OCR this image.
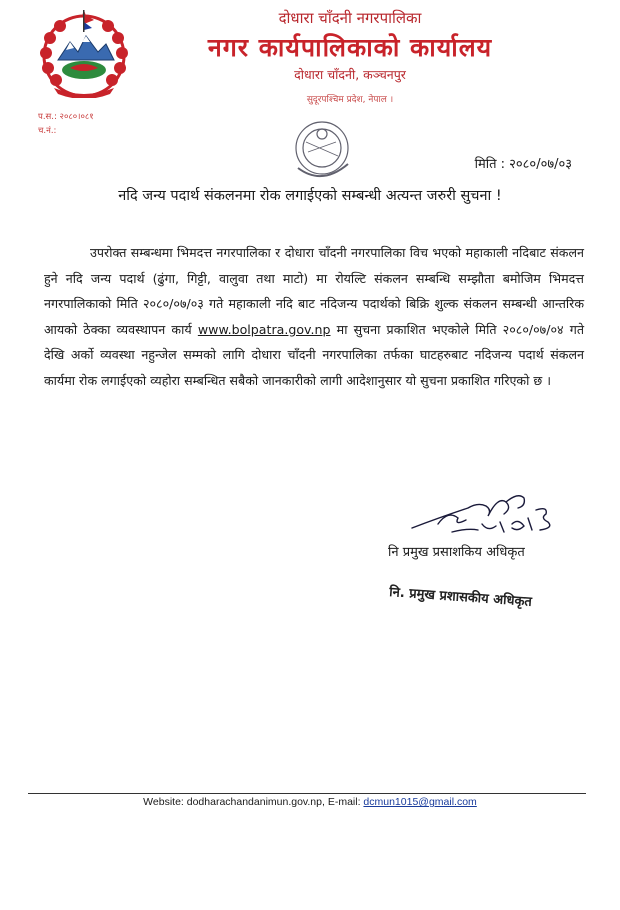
दोधारा चाँदनी नगरपालिका
नगर कार्यपालिकाको कार्यालय
दोधारा चाँदनी, कञ्चनपुर
सुदूरपश्चिम प्रदेश, नेपाल ।
प.स.: २०८०।०८१
च.नं.:
मिति : २०८०/०७/०३
नदि जन्य पदार्थ संकलनमा रोक लगाईएको सम्बन्धी अत्यन्त जरुरी सुचना !
उपरोक्त सम्बन्धमा भिमदत्त नगरपालिका र दोधारा चाँदनी नगरपालिका विच भएको महाकाली नदिबाट संकलन हुने नदि जन्य पदार्थ (ढुंगा, गिट्टी, वालुवा तथा माटो) मा रोयल्टि संकलन सम्बन्धि सम्झौता बमोजिम भिमदत्त नगरपालिकाको मिति २०८०/०७/०३ गते महाकाली नदि बाट नदिजन्य पदार्थको बिक्रि शुल्क संकलन सम्बन्धी आन्तरिक आयको ठेक्का व्यवस्थापन कार्य www.bolpatra.gov.np मा सुचना प्रकाशित भएकोले मिति २०८०/०७/०४ गते देखि अर्को व्यवस्था नहुन्जेल सम्मको लागि दोधारा चाँदनी नगरपालिका तर्फका घाटहरुबाट नदिजन्य पदार्थ संकलन कार्यमा रोक लगाईएको व्यहोरा सम्बन्धित सबैको जानकारीको लागी आदेशानुसार यो सुचना प्रकाशित गरिएको छ ।
नि प्रमुख प्रसाशकिय अधिकृत
नि. प्रमुख प्रशासकीय अधिकृत
Website: dodharachandanimun.gov.np, E-mail: dcmun1015@gmail.com
